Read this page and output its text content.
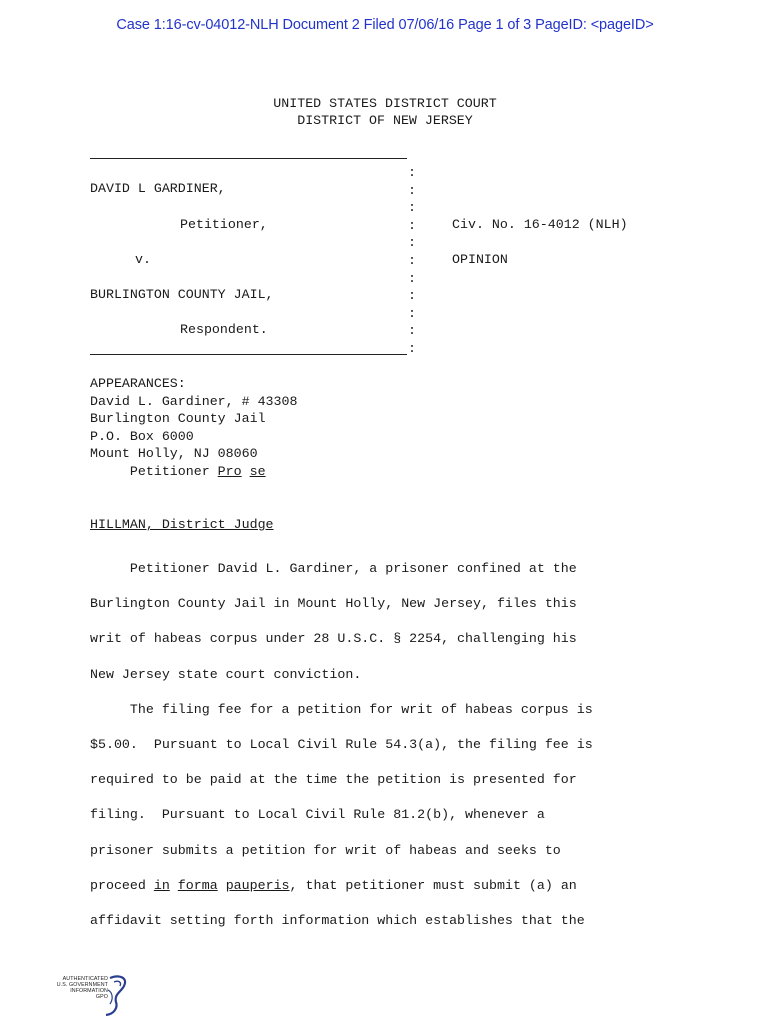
Case 1:16-cv-04012-NLH Document 2 Filed 07/06/16 Page 1 of 3 PageID: <pageID>
UNITED STATES DISTRICT COURT
DISTRICT OF NEW JERSEY
:
:
:
:
:
:
:
:
:
:
:
DAVID L GARDINER,
Petitioner,
v.
BURLINGTON COUNTY JAIL,
Respondent.
Civ. No. 16-4012 (NLH)
OPINION
APPEARANCES:
David L. Gardiner, # 43308
Burlington County Jail
P.O. Box 6000
Mount Holly, NJ 08060
Petitioner Pro se
HILLMAN, District Judge
Petitioner David L. Gardiner, a prisoner confined at the
Burlington County Jail in Mount Holly, New Jersey, files this
writ of habeas corpus under 28 U.S.C. § 2254, challenging his
New Jersey state court conviction.
The filing fee for a petition for writ of habeas corpus is
$5.00.  Pursuant to Local Civil Rule 54.3(a), the filing fee is
required to be paid at the time the petition is presented for
filing.  Pursuant to Local Civil Rule 81.2(b), whenever a
prisoner submits a petition for writ of habeas and seeks to
proceed in forma pauperis, that petitioner must submit (a) an
affidavit setting forth information which establishes that the
AUTHENTICATED
U.S. GOVERNMENT
INFORMATION
GPO
